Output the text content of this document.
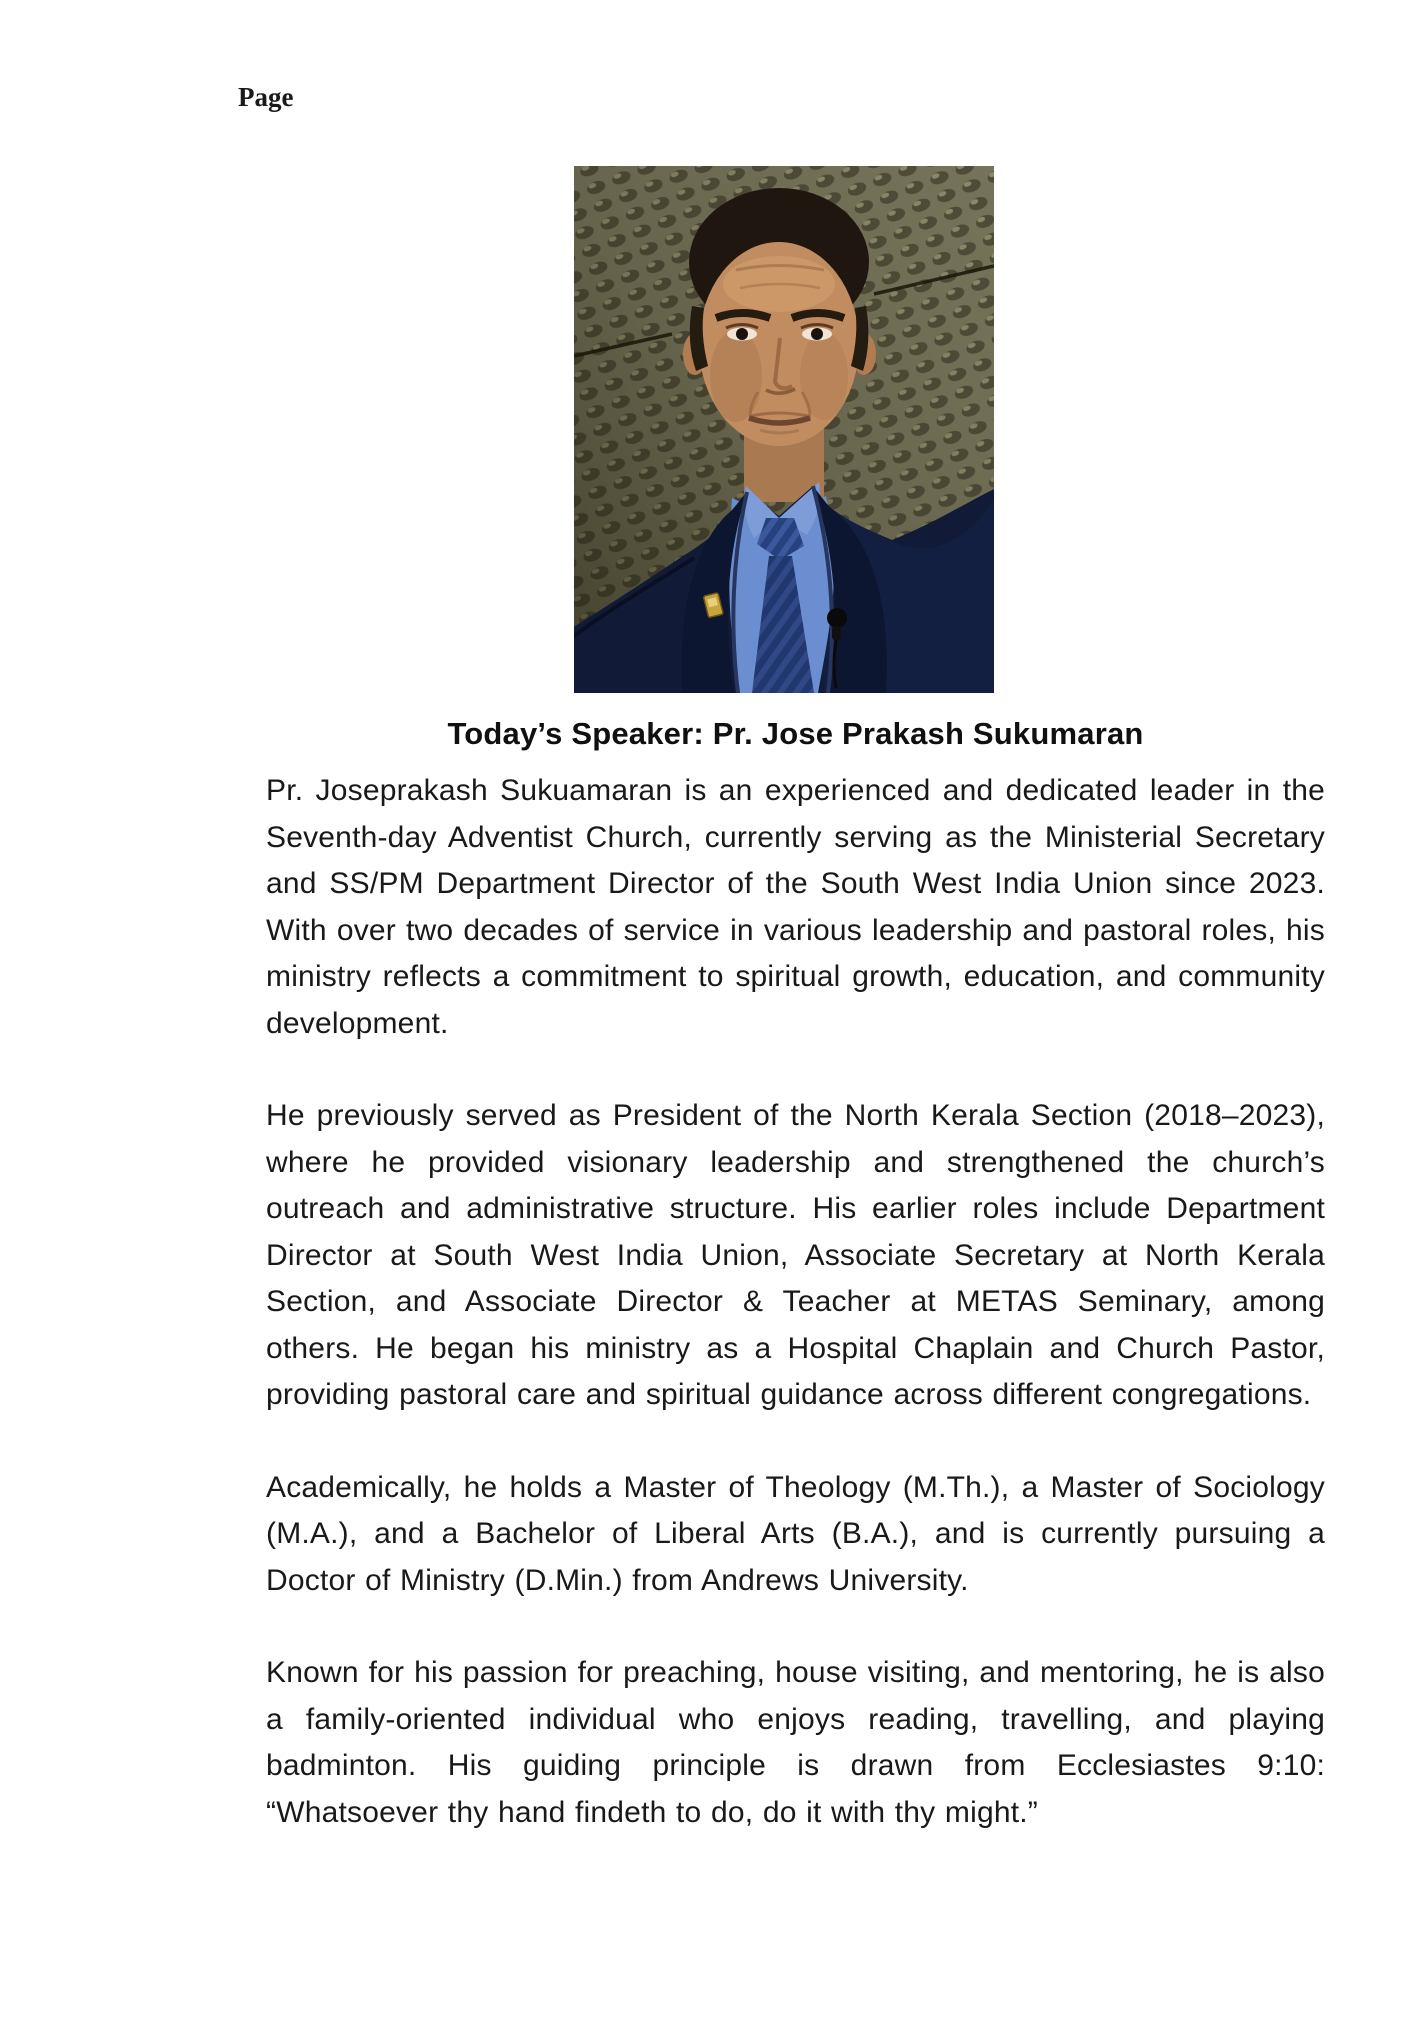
Page
Today’s Speaker: Pr. Jose Prakash Sukumaran

Pr. Joseprakash Sukuamaran is an experienced and dedicated leader in the Seventh-day Adventist Church, currently serving as the Ministerial Secretary and SS/PM Department Director of the South West India Union since 2023. With over two decades of service in various leadership and pastoral roles, his ministry reflects a commitment to spiritual growth, education, and community development.

He previously served as President of the North Kerala Section (2018–2023), where he provided visionary leadership and strengthened the church’s outreach and administrative structure. His earlier roles include Department Director at South West India Union, Associate Secretary at North Kerala Section, and Associate Director & Teacher at METAS Seminary, among others. He began his ministry as a Hospital Chaplain and Church Pastor, providing pastoral care and spiritual guidance across different congregations.

Academically, he holds a Master of Theology (M.Th.), a Master of Sociology (M.A.), and a Bachelor of Liberal Arts (B.A.), and is currently pursuing a Doctor of Ministry (D.Min.) from Andrews University.

Known for his passion for preaching, house visiting, and mentoring, he is also a family-oriented individual who enjoys reading, travelling, and playing badminton. His guiding principle is drawn from Ecclesiastes 9:10: “Whatsoever thy hand findeth to do, do it with thy might.”
